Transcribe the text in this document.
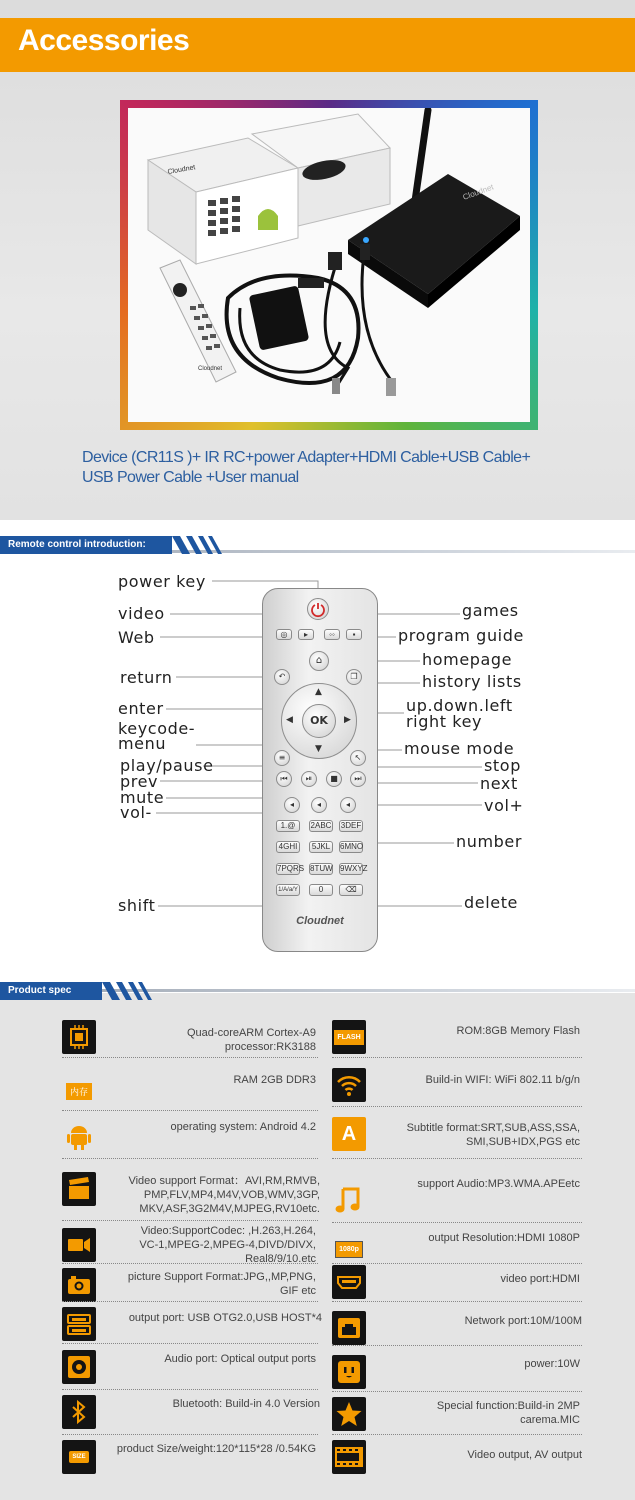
Accessories
Cloudnet
Cloudnet
Cloudnet
Device (CR11S )+ IR RC+power Adapter+HDMI Cable+USB Cable+
USB Power Cable +User manual
Remote control introduction:
◎	▸	◦◦	▪
⌂
↶	❐
▲
▼
◀	▶
OK
≡	↖
⏮	⏯	■	⏭
◂	◂	◂
1.@	2ABC 3DEF
4GHI	5JKL	6MNO
7PQRS 8TUW 9WXYZ
1/A/a/Y	0	⌫
Cloudnet
power key
video
Web
return
enter
keycode-
menu
play/pause
prev
mute
vol-
shift
games
program guide
homepage
history lists
up.down.left
right key
mouse mode
stop
next
vol+
number
delete
Product spec
内存
SIZE
FLASH
A
1080p
Quad-coreARM Cortex-A9
processor:RK3188
RAM 2GB DDR3
operating system: Android 4.2
Video support Format：AVI,RM,RMVB,
PMP,FLV,MP4,M4V,VOB,WMV,3GP,
MKV,ASF,3G2M4V,MJPEG,RV10etc.
Video:SupportCodec: ,H.263,H.264,
VC-1,MPEG-2,MPEG-4,DIVD/DIVX,
Real8/9/10.etc
picture Support Format:JPG,,MP,PNG,
GIF etc
output port: USB OTG2.0,USB HOST*4
Audio port: Optical output ports
Bluetooth: Build-in 4.0 Version
product Size/weight:120*115*28 /0.54KG
ROM:8GB Memory Flash
Build-in WIFI: WiFi 802.11 b/g/n
Subtitle format:SRT,SUB,ASS,SSA,
SMI,SUB+IDX,PGS etc
support Audio:MP3.WMA.APEetc
output Resolution:HDMI 1080P
video port:HDMI
Network port:10M/100M
power:10W
Special function:Build-in 2MP
carema.MIC
Video output, AV output
